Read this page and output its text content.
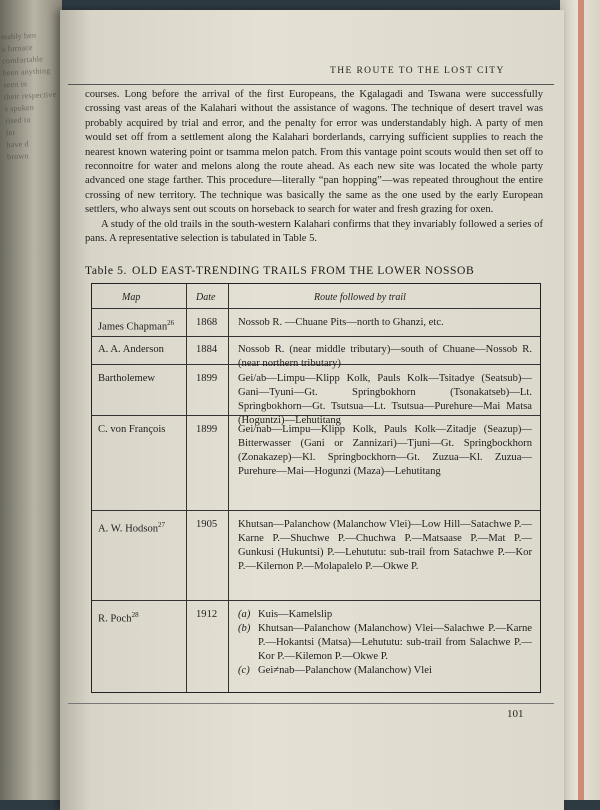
mably hen
a furnace
comfortable
been anything
seen in
their respective
s spoken
rised to
fer
have d
brown
THE ROUTE TO THE LOST CITY

courses. Long before the arrival of the first Europeans, the Kgalagadi and Tswana were successfully crossing vast areas of the Kalahari without the assistance of wagons. The technique of desert travel was probably acquired by trial and error, and the penalty for error was understandably high. A party of men would set off from a settlement along the Kalahari borderlands, carrying sufficient supplies to reach the nearest known watering point or tsamma melon patch. From this vantage point scouts would then set off to reconnoitre for water and melons along the route ahead. As each new site was located the whole party advanced one stage farther. This procedure—literally “pan hopping”—was repeated throughout the entire crossing of new territory. The technique was basically the same as the one used by the early European settlers, who always sent out scouts on horseback to search for water and fresh grazing for oxen.

A study of the old trails in the south-western Kalahari confirms that they invariably followed a series of pans. A representative selection is tabulated in Table 5.

Table 5. OLD EAST-TRENDING TRAILS FROM THE LOWER NOSSOB
Map	Date	Route followed by trail
James Chapman$^{26}$	1868 Nossob R. —Chuane Pits—north to Ghanzi, etc.
A. A. Anderson	1884 Nossob R. (near middle tributary)—south of Chuane—Nossob R. (near northern tributary)
Bartholemew	1899 Gei/ab—Limpu—Klipp Kolk, Pauls Kolk—Tsitadye (Seatsub)—Gani—Tyuni—Gt. Springbokhorn (Tsonakatseb)—Lt. Springbokhorn—Gt. Tsutsua—Lt. Tsutsua—Purehure—Mai Matsa (Hoguntzi)—Lehutitang
C. von François	1899 Gei/nab—Limpu—Klipp Kolk, Pauls Kolk—Zitadje (Seazup)—Bitterwasser (Gani or Zannizari)—Tjuni—Gt. Springbockhorn (Zonakazep)—Kl. Springbockhorn—Gt. Zuzua—Kl. Zuzua—Purehure—Mai—Hogunzi (Maza)—Lehutitang
A. W. Hodson$^{27}$	1905 Khutsan—Palanchow (Malanchow Vlei)—Low Hill—Satachwe P.—Karne P.—Shuchwe P.—Chuchwa P.—Matsaase P.—Mat P.—Gunkusi (Hukuntsi) P.—Lehututu: sub-trail from Satachwe P.—Kor P.—Kilernon P.—Molapalelo P.—Okwe P.
R. Poch$^{28}$	1912 (a) Kuis—Kamelslip
(b) Khutsan—Palanchow (Malanchow) Vlei—Salachwe P.—Karne P.—Hokantsi (Matsa)—Lehututu: sub-trail from Salachwe P.—Kor P.—Kilemon P.—Okwe P.
(c) Gei≠nab—Palanchow (Malanchow) Vlei
101
